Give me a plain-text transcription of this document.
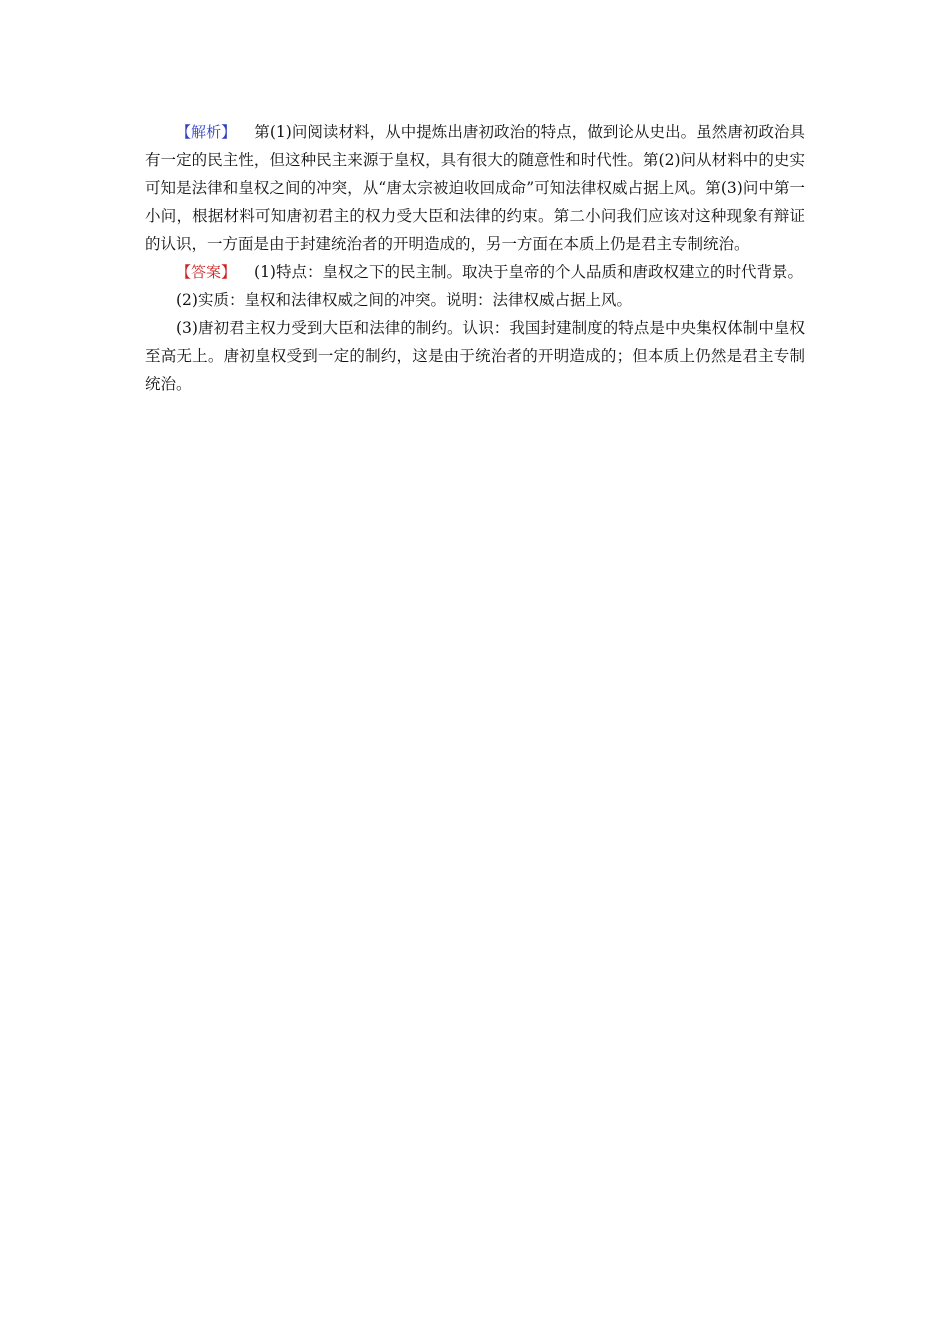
【解析】 第(1)问阅读材料，从中提炼出唐初政治的特点，做到论从史出。虽然唐初政治具有一定的民主性，但这种民主来源于皇权，具有很大的随意性和时代性。第(2)问从材料中的史实可知是法律和皇权之间的冲突，从“唐太宗被迫收回成命”可知法律权威占据上风。第(3)问中第一小问，根据材料可知唐初君主的权力受大臣和法律的约束。第二小问我们应该对这种现象有辩证的认识，一方面是由于封建统治者的开明造成的，另一方面在本质上仍是君主专制统治。

【答案】 (1)特点：皇权之下的民主制。取决于皇帝的个人品质和唐政权建立的时代背景。

(2)实质：皇权和法律权威之间的冲突。说明：法律权威占据上风。

(3)唐初君主权力受到大臣和法律的制约。认识：我国封建制度的特点是中央集权体制中皇权至高无上。唐初皇权受到一定的制约，这是由于统治者的开明造成的；但本质上仍然是君主专制统治。
